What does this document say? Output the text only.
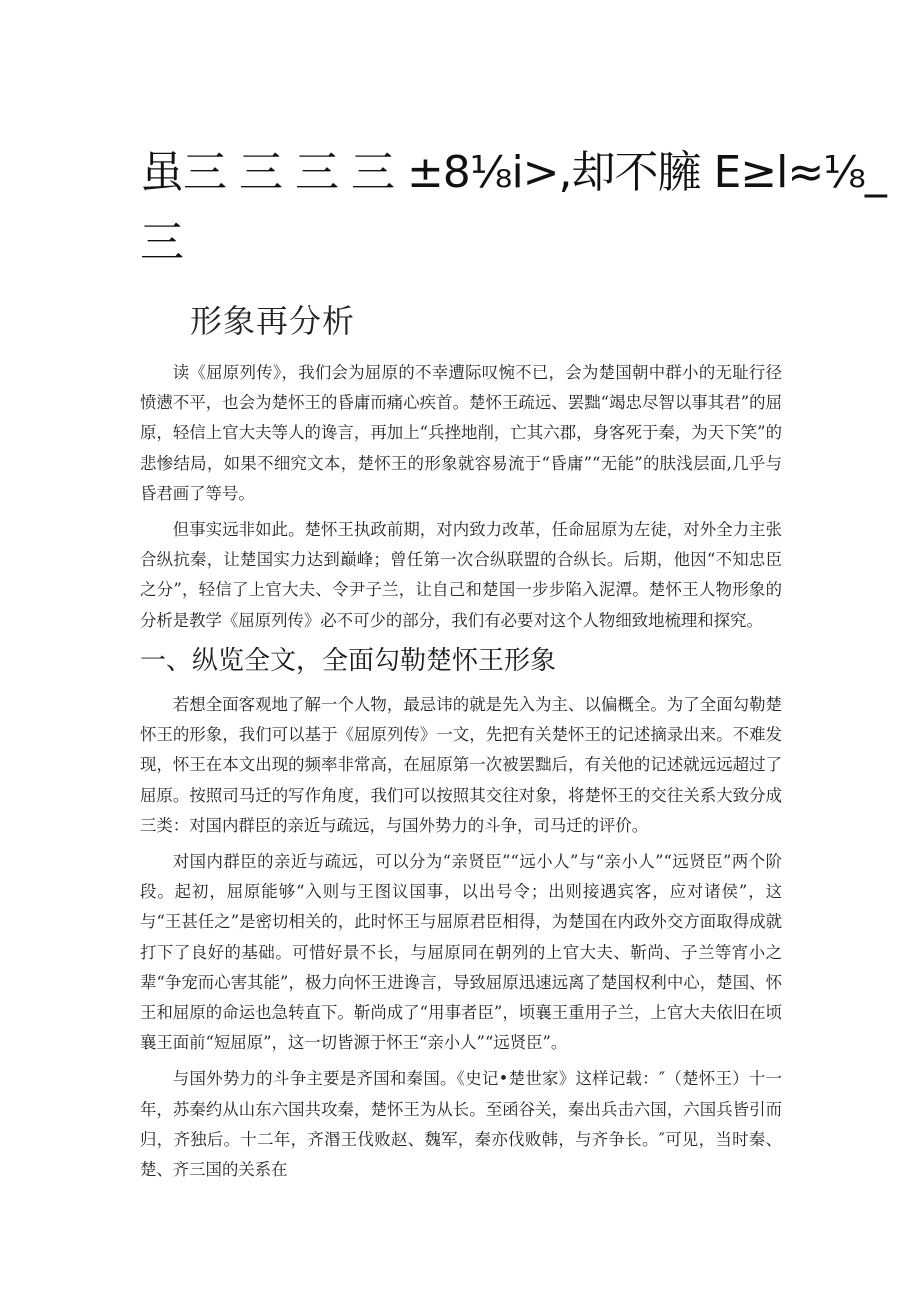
虽三 三 三 三 ±8⅛i>,却不臃 E≥l≈⅛_
三
形象再分析

读《屈原列传》，我们会为屈原的不幸遭际叹惋不已，会为楚国朝中群小的无耻行径愤懑不平，也会为楚怀王的昏庸而痛心疾首。楚怀王疏远、罢黜“竭忠尽智以事其君”的屈原，轻信上官大夫等人的谗言，再加上“兵挫地削，亡其六郡，身客死于秦，为天下笑”的悲惨结局，如果不细究文本，楚怀王的形象就容易流于“昏庸”“无能”的肤浅层面,几乎与昏君画了等号。

但事实远非如此。楚怀王执政前期，对内致力改革，任命屈原为左徒，对外全力主张合纵抗秦，让楚国实力达到巅峰；曾任第一次合纵联盟的合纵长。后期，他因“不知忠臣之分”，轻信了上官大夫、令尹子兰，让自己和楚国一步步陷入泥潭。楚怀王人物形象的分析是教学《屈原列传》必不可少的部分，我们有必要对这个人物细致地梳理和探究。

一、纵览全文，全面勾勒楚怀王形象

若想全面客观地了解一个人物，最忌讳的就是先入为主、以偏概全。为了全面勾勒楚怀王的形象，我们可以基于《屈原列传》一文，先把有关楚怀王的记述摘录出来。不难发现，怀王在本文出现的频率非常高，在屈原第一次被罢黜后，有关他的记述就远远超过了屈原。按照司马迁的写作角度，我们可以按照其交往对象，将楚怀王的交往关系大致分成三类：对国内群臣的亲近与疏远，与国外势力的斗争，司马迁的评价。

对国内群臣的亲近与疏远，可以分为“亲贤臣”“远小人”与“亲小人”“远贤臣”两个阶段。起初，屈原能够“入则与王图议国事，以出号令；出则接遇宾客，应对诸侯”，这与“王甚任之”是密切相关的，此时怀王与屈原君臣相得，为楚国在内政外交方面取得成就打下了良好的基础。可惜好景不长，与屈原同在朝列的上官大夫、靳尚、子兰等宵小之辈“争宠而心害其能”，极力向怀王进谗言，导致屈原迅速远离了楚国权利中心，楚国、怀王和屈原的命运也急转直下。靳尚成了“用事者臣”，顷襄王重用子兰，上官大夫依旧在顷襄王面前“短屈原”，这一切皆源于怀王“亲小人”“远贤臣”。

与国外势力的斗争主要是齐国和秦国。《史记•楚世家》这样记载：″（楚怀王）十一年，苏秦约从山东六国共攻秦，楚怀王为从长。至函谷关，秦出兵击六国，六国兵皆引而归，齐独后。十二年，齐湣王伐败赵、魏军，秦亦伐败韩，与齐争长。″可见，当时秦、楚、齐三国的关系在
